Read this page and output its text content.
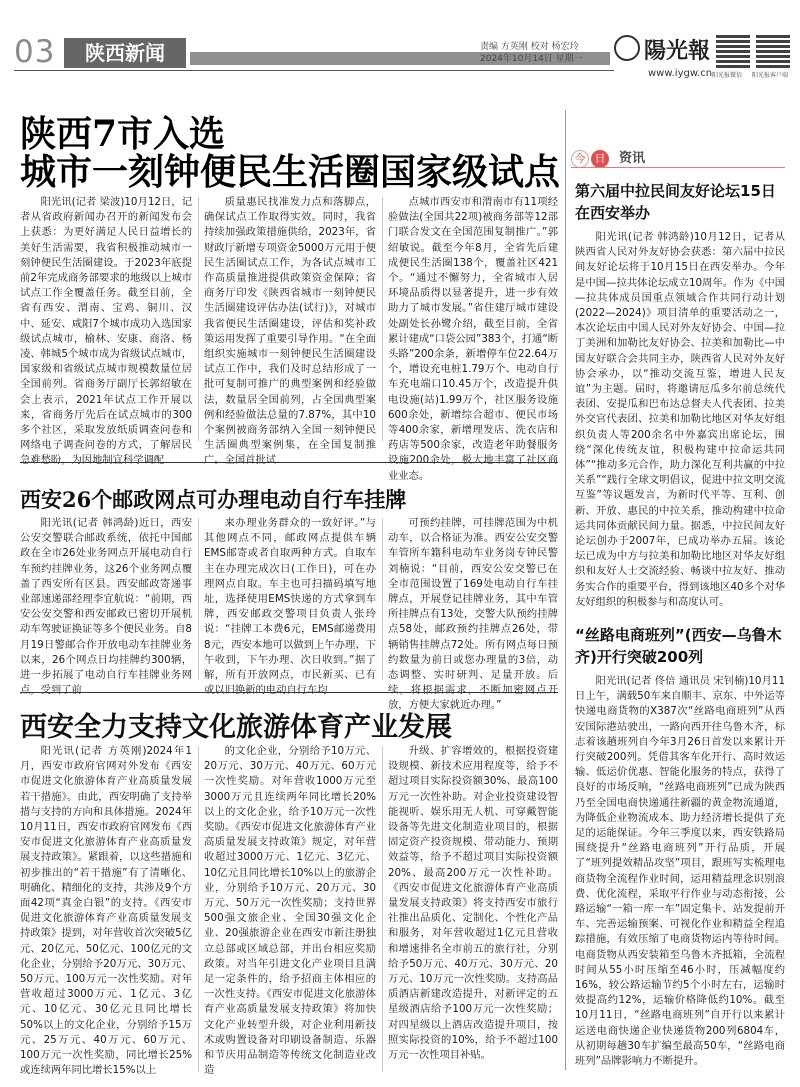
03	陕西新闻	责编 方英刚 校对 杨宏玲
2024年10月14日 星期一	陽光報
www.iygw.cn 阳光报微信 阳光报客户端
陕西7市入选
城市一刻钟便民生活圈国家级试点

阳光讯(记者 梁波)10月12日，记者从省政府新闻办召开的新闻发布会上获悉：为更好满足人民日益增长的美好生活需要，我省积极推动城市一刻钟便民生活圈建设。于2023年底提前2年完成商务部要求的地级以上城市试点工作全覆盖任务。截至目前，全省有西安、渭南、宝鸡、铜川、汉中、延安、咸阳7个城市成功入选国家级试点城市，榆林、安康、商洛、杨凌、韩城5个城市成为省级试点城市，国家级和省级试点城市规模数量位居全国前列。省商务厅副厅长郭绍敏在会上表示，2021年试点工作开展以来，省商务厅先后在试点城市的300多个社区，采取发放纸质调查问卷和网络电子调查问卷的方式，了解居民急难愁盼，为因地制宜科学调配

质量惠民找准发力点和落脚点，确保试点工作取得实效。同时，我省持续加强政策措施供给，2023年，省财政厅新增专项资金5000万元用于便民生活圈试点工作，为各试点城市工作高质量推进提供政策资金保障；省商务厅印发《陕西省城市一刻钟便民生活圈建设评估办法(试行)》，对城市我省便民生活圈建设，评估和奖补政策运用发挥了重要引导作用。“在全面组织实施城市一刻钟便民生活圈建设试点工作中，我们及时总结形成了一批可复制可推广的典型案例和经验做法，数量居全国前列，占全国典型案例和经验做法总量的7.87%，其中10个案例被商务部纳入全国一刻钟便民生活圈典型案例集，在全国复制推广。全国首批试

点城市西安市和渭南市有11项经验做法(全国共22项)被商务部等12部门联合发文在全国范围复制推广。”郭绍敏说。截至今年8月，全省先后建成便民生活圈138个，覆盖社区421个。“通过不懈努力，全省城市人居环境品质得以显著提升，进一步有效助力了城市发展。”省住建厅城市建设处副处长孙鹭介绍，截至目前，全省累计建成“口袋公园”383个，打通“断头路”200余条，新增停车位22.64万个，增设充电桩1.79万个、电动自行车充电端口10.45万个，改造提升供电设施(站)1.99万个，社区服务设施600余处，新增综合超市、便民市场等400余家，新增理发店、洗衣店和药店等500余家，改造老年助餐服务设施200余处，极大地丰富了社区商业业态。

西安26个邮政网点可办理电动自行车挂牌

阳光讯(记者 韩鸿龄)近日，西安公安交警联合邮政系统，依托中国邮政在全市26处业务网点开展电动自行车预约挂牌业务，这26个业务网点覆盖了西安所有区县。西安邮政寄递事业部速递部经理李宜航说：“前期，西安公安交警和西安邮政已密切开展机动车驾驶证换证等多个便民业务。自8月19日警邮合作开放电动车挂牌业务以来，26个网点日均挂牌约300辆，进一步拓展了电动自行车挂牌业务网点，受到了前

来办理业务群众的一致好评。”与其他网点不同，邮政网点提供车辆EMS邮寄或者自取两种方式。自取车主在办理完成次日(工作日)，可在办理网点自取。车主也可扫描码填写地址，选择使用EMS快递的方式拿到车牌，西安邮政交警项目负责人张玲说：“挂牌工本费6元，EMS邮递费用8元，西安本地可以做到上午办理、下午收到，下午办理、次日收到。”据了解，所有开放网点，市民新买、已有或以旧换新的电动自行车均

可预约挂牌，可挂牌范围为中机动车，以合格证为准。西安公安交警车管所车籍科电动车业务岗专钟民警刘楠说：“目前，西安公安交警已在全市范围设置了169处电动自行车挂牌点，开展登记挂牌业务，其中车管所挂牌点有13处，交警大队预约挂牌点58处，邮政预约挂牌点26处，带辆销售挂牌点72处。所有网点每日预约数量为前日或您办理量的3倍，动态调整、实时研判、足量开放。后续，将根据需求，不断加密网点开放，方便大家就近办理。”

西安全力支持文化旅游体育产业发展

阳光讯(记者 方英刚)2024年1月，西安市政府官网对外发布《西安市促进文化旅游体育产业高质量发展若干措施》。由此，西安明确了支持举措与支持的方向和具体措施。2024年10月11日，西安市政府官网发布《西安市促进文化旅游体育产业高质量发展支持政策》。紧跟着，以这些措施和初步推出的“若干措施”有了清晰化、明确化、精细化的支持，共涉及9个方面42项“真金白银”的支持。《西安市促进文化旅游体育产业高质量发展支持政策》提到，对年营收首次突破5亿元、20亿元、50亿元、100亿元的文化企业，分别给予20万元、30万元、50万元、100万元一次性奖励。对年营收超过3000万元、1亿元、3亿元、10亿元、30亿元且同比增长50%以上的文化企业，分别给予15万元、25万元、40万元、60万元、100万元一次性奖励，同比增长25%或连续两年同比增长15%以上

的文化企业，分别给予10万元、20万元、30万元、40万元、60万元一次性奖励。对年营收1000万元至3000万元且连续两年同比增长20%以上的文化企业，给予10万元一次性奖励。《西安市促进文化旅游体育产业高质量发展支持政策》规定，对年营收超过3000万元、1亿元、3亿元、10亿元且同比增长10%以上的旅游企业，分别给予10万元、20万元、30万元、50万元一次性奖励；支持世界500强文旅企业、全国30强文化企业、20强旅游企业在西安市新注册独立总部或区域总部，并出台相应奖励政策。对当年引进文化产业项目且满足一定条件的，给予招商主体相应的一次性支持。《西安市促进文化旅游体育产业高质量发展支持政策》将加快文化产业转型升级，对企业利用新技术或购置设备对印刷设备制造、乐器和节庆用品制造等传统文化制造业改造

升级、扩容增效的，根据投资建设规模、新技术应用程度等，给予不超过项目实际投资额30%、最高100万元一次性补助。对企业投资建设智能视听、娱乐用无人机、可穿戴智能设备等先进文化制造业项目的，根据固定资产投资规模、带动能力、预期效益等，给予不超过项目实际投资额20%、最高200万元一次性补助。《西安市促进文化旅游体育产业高质量发展支持政策》将支持西安市旅行社推出品质化、定制化、个性化产品和服务，对年营收超过1亿元且营收和增速排名全市前五的旅行社，分别给予50万元、40万元、30万元、20万元、10万元一次性奖励。支持高品质酒店新建改造提升，对新评定的五星级酒店给予100万元一次性奖励；对四星级以上酒店改造提升项目，按照实际投资的10%，给予不超过100万元一次性项目补贴。

今 日 资讯
第六届中拉民间友好论坛15日在西安举办

阳光讯(记者 韩鸿龄)10月12日，记者从陕西省人民对外友好协会获悉：第六届中拉民间友好论坛将于10月15日在西安举办。今年是中国—拉共体论坛成立10周年。作为《中国—拉共体成员国重点领域合作共同行动计划(2022—2024)》项目清单的重要活动之一，本次论坛由中国人民对外友好协会、中国—拉丁美洲和加勒比友好协会、拉美和加勒比—中国友好联合会共同主办，陕西省人民对外友好协会承办，以“推动交流互鉴，增进人民友谊”为主题。届时，将邀请厄瓜多尔前总统代表团、安提瓜和巴布达总督夫人代表团、拉美外交官代表团、拉美和加勒比地区对华友好组织负责人等200余名中外嘉宾出席论坛，围绕“深化传统友谊，积极构建中拉命运共同体”“推动多元合作，助力深化互利共赢的中拉关系”“践行全球文明倡议，促进中拉文明交流互鉴”等议题发言，为新时代平等、互利、创新、开放、惠民的中拉关系，推动构建中拉命运共同体贡献民间力量。据悉，中拉民间友好论坛创办于2007年，已成功举办五届。该论坛已成为中方与拉美和加勒比地区对华友好组织和友好人士交流经验、畅谈中拉友好、推动务实合作的重要平台，得到该地区40多个对华友好组织的积极参与和高度认可。

“丝路电商班列”(西安—乌鲁木齐)开行突破200列

阳光讯(记者 佟倍 通讯员 宋钊楠)10月11日上午，满载50车来自顺丰、京东、中外运等快递电商货物的X387次“丝路电商班列”从西安国际港站驶出，一路向西开往乌鲁木齐，标志着该趟班列自今年3月26日首发以来累计开行突破200列。凭借其客车化开行、高时效运输、低运价优惠、智能化服务的特点，获得了良好的市场反响，“丝路电商班列”已成为陕西乃至全国电商快递通往新疆的黄金物流通道，为降低企业物流成本、助力经济增长提供了充足的运能保证。今年三季度以来，西安铁路局围绕提升“丝路电商班列”开行品质，开展了“班列提效精品攻坚”项目，跟班写实梳理电商货物全流程作业时间，运用精益理念识别浪费、优化流程，采取平行作业与动态衔接，公路运输“一箱一库一车”固定集卡、站发提前开车、完善运输预案、可视化作业和精益全程追踪措施，有效压缩了电商货物运内等待时间。电商货物从西安装箱至乌鲁木齐抵箱，全流程时间从55小时压缩至46小时，压减幅度约16%，较公路运输节约5个小时左右，运输时效提高约12%，运输价格降低约10%。截至10月11日，“丝路电商班列”自开行以来累计运送电商快递企业快递货物200列6804车，从初期每趟30车扩编至最高50车，“丝路电商班列”品牌影响力不断提升。
